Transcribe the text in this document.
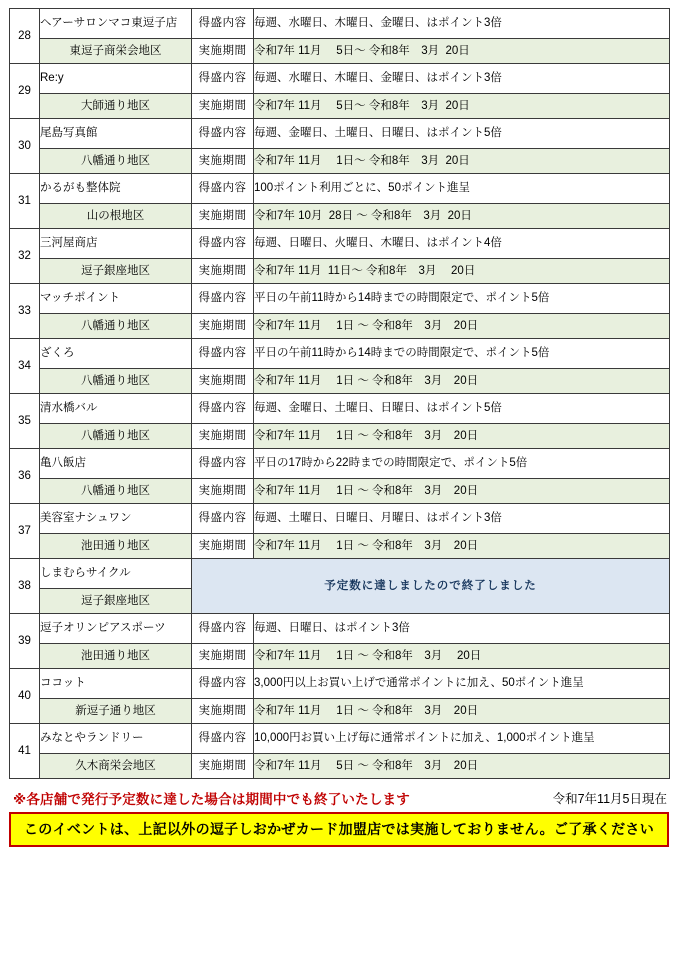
28	ヘアーサロンマコ東逗子店	得盛内容	毎週、水曜日、木曜日、金曜日、はポイント3倍
	東逗子商栄会地区	実施期間	令和7年 11月　 5日～ 令和8年　3月  20日
29	Re:y	得盛内容	毎週、水曜日、木曜日、金曜日、はポイント3倍
	大師通り地区	実施期間	令和7年 11月　 5日～ 令和8年　3月  20日
30	尾島写真館	得盛内容	毎週、金曜日、土曜日、日曜日、はポイント5倍
	八幡通り地区	実施期間	令和7年 11月　 1日～ 令和8年　3月  20日
31	かるがも整体院	得盛内容	100ポイント利用ごとに、50ポイント進呈
	山の根地区	実施期間	令和7年 10月  28日 ～ 令和8年　3月  20日
32	三河屋商店	得盛内容	毎週、日曜日、火曜日、木曜日、はポイント4倍
	逗子銀座地区	実施期間	令和7年 11月  11日～ 令和8年　3月　 20日
33	マッチポイント	得盛内容	平日の午前11時から14時までの時間限定で、ポイント5倍
	八幡通り地区	実施期間	令和7年 11月　 1日 ～ 令和8年　3月　20日
34	ざくろ	得盛内容	平日の午前11時から14時までの時間限定で、ポイント5倍
	八幡通り地区	実施期間	令和7年 11月　 1日 ～ 令和8年　3月　20日
35	清水橋バル	得盛内容	毎週、金曜日、土曜日、日曜日、はポイント5倍
	八幡通り地区	実施期間	令和7年 11月　 1日 ～ 令和8年　3月　20日
36	亀八飯店	得盛内容	平日の17時から22時までの時間限定で、ポイント5倍
	八幡通り地区	実施期間	令和7年 11月　 1日 ～ 令和8年　3月　20日
37	美容室ナシュワン	得盛内容	毎週、土曜日、日曜日、月曜日、はポイント3倍
	池田通り地区	実施期間	令和7年 11月　 1日 ～ 令和8年　3月　20日
38	しまむらサイクル	予定数に達しましたので終了しました	
	逗子銀座地区		
39	逗子オリンピアスポーツ	得盛内容	毎週、日曜日、はポイント3倍
	池田通り地区	実施期間	令和7年 11月　 1日 ～ 令和8年　3月　 20日
40	ココット	得盛内容	3,000円以上お買い上げで通常ポイントに加え、50ポイント進呈
	新逗子通り地区	実施期間	令和7年 11月　 1日 ～ 令和8年　3月　20日
41	みなとやランドリー	得盛内容	10,000円お買い上げ毎に通常ポイントに加え、1,000ポイント進呈
	久木商栄会地区	実施期間	令和7年 11月　 5日 ～ 令和8年　3月　20日
※各店舗で発行予定数に達した場合は期間中でも終了いたします	令和7年11月5日現在
このイベントは、上記以外の逗子しおかぜカード加盟店では実施しておりません。ご了承ください
